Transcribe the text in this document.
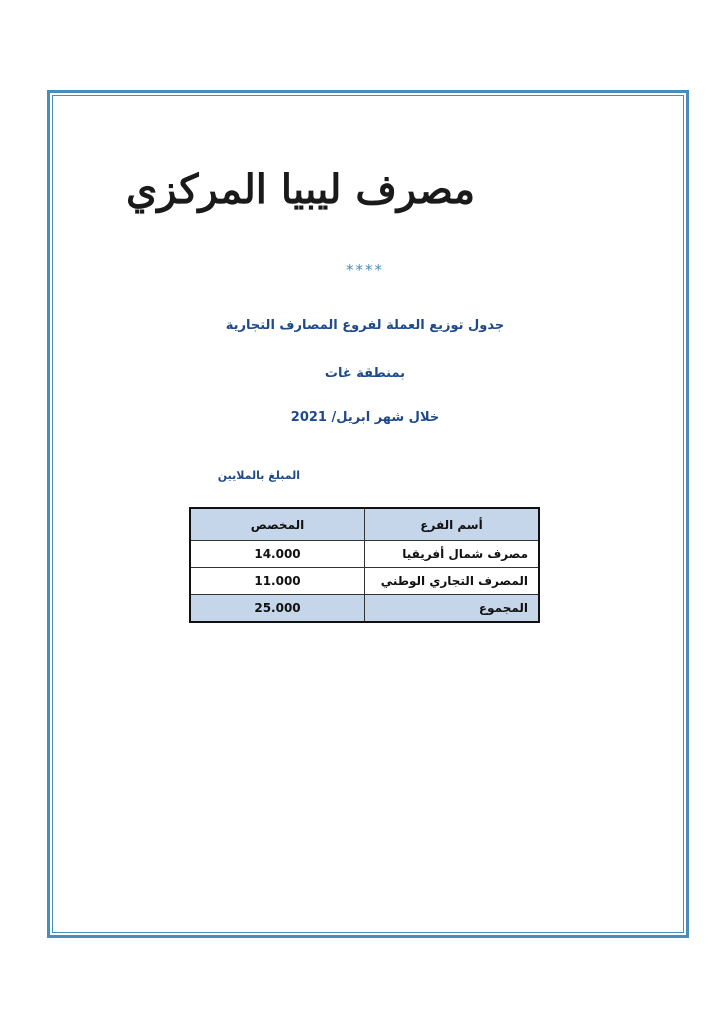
مصرف ليبيا المركزي
****
جدول توزيع العملة لفروع المصارف التجارية
بمنطقة غات
خلال شهر ابريل/ 2021
المبلغ بالملايين
أسم الفرع	المخصص
مصرف شمال أفريقيا	14.000
المصرف التجاري الوطني	11.000
المجموع	25.000
